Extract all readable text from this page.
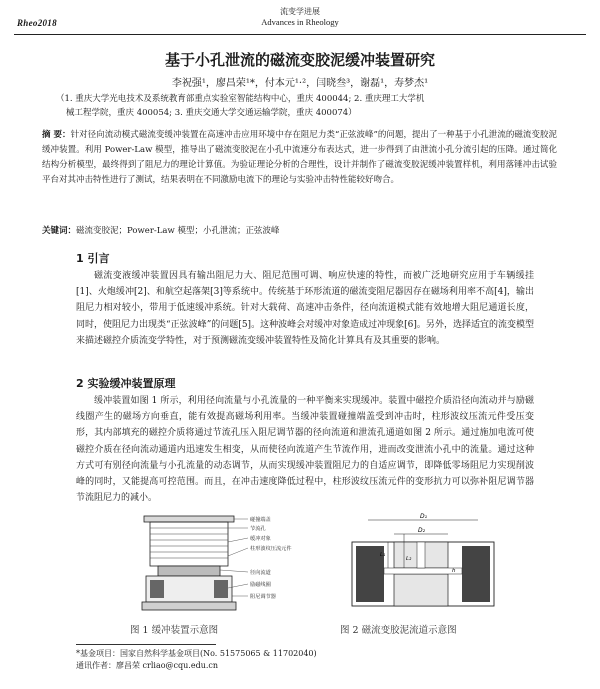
Rheo2018
流变学进展
Advances in Rheology
基于小孔泄流的磁流变胶泥缓冲装置研究
李祝强¹，廖昌荣¹*，付本元¹·²，闫晓叁³，谢磊¹，寿梦杰¹
（1. 重庆大学光电技术及系统教育部重点实验室智能结构中心，重庆 400044; 2. 重庆理工大学机
械工程学院，重庆 400054; 3. 重庆交通大学交通运输学院，重庆 400074）
摘 要：针对径向流动模式磁流变缓冲装置在高速冲击应用环境中存在阻尼力类“正弦波峰”的问题，提出了一种基于小孔泄流的磁流变胶泥缓冲装置。利用 Power-Law 模型，推导出了磁流变胶泥在小孔中流速分布表达式，进一步得到了由泄流小孔分流引起的压降。通过简化结构分析模型，最终得到了阻尼力的理论计算值。为验证理论分析的合理性，设计并制作了磁流变胶泥缓冲装置样机，利用落锤冲击试验平台对其冲击特性进行了测试，结果表明在不同激励电流下的理论与实验冲击特性能较好吻合。
关键词：磁流变胶泥；Power-Law 模型；小孔泄流；正弦波峰
1 引言
磁流变液缓冲装置因具有输出阻尼力大、阻尼范围可调、响应快速的特性，而被广泛地研究应用于车辆缓挂[1]、火炮缓冲[2]、和航空起落架[3]等系统中。传统基于环形流道的磁流变阻尼器因存在磁场利用率不高[4]，输出阻尼力相对较小，带用于低速缓冲系统。针对大载荷、高速冲击条件，径向流道模式能有效地增大阻尼通道长度，同时，使阻尼力出现类“正弦波峰”的问题[5]。这种波峰会对缓冲对象造成过冲现象[6]。另外，选择适宜的流变模型来描述磁控介质流变学特性，对于预测磁流变缓冲装置特性及简化计算具有及其重要的影响。
2 实验缓冲装置原理
缓冲装置如图 1 所示，利用径向流量与小孔流量的一种平衡来实现缓冲。装置中磁控介质沿径向流动并与励磁线圈产生的磁场方向垂直，能有效提高磁场利用率。当缓冲装置碰撞端盖受到冲击时，柱形波纹压流元件受压变形，其内部填充的磁控介质将通过节流孔压入阻尼调节器的径向流道和泄流孔通道如图 2 所示。通过施加电流可使磁控介质在径向流动通道内迅速发生相变，从而使径向流道产生节流作用，进而改变泄流小孔中的流量。通过这种方式可有别径向流量与小孔流量的动态调节，从而实现缓冲装置阻尼力的自适应调节，即降低零场阻尼力实现削波峰的同时，又能提高可控范围。而且，在冲击速度降低过程中，柱形波纹压流元件的变形抗力可以弥补阻尼调节器节流阻尼力的减小。
碰撞端盖
节流孔
缓冲对象
柱形波纹压流元件
径向流道
励磁线圈
阻尼调节器
D₁
D₂
L₁
L₂
h
图 1 缓冲装置示意图	图 2 磁流变胶泥流道示意图
*基金项目：国家自然科学基金项目(No. 51575065 & 11702040)
通讯作者：廖昌荣 crliao@cqu.edu.cn
